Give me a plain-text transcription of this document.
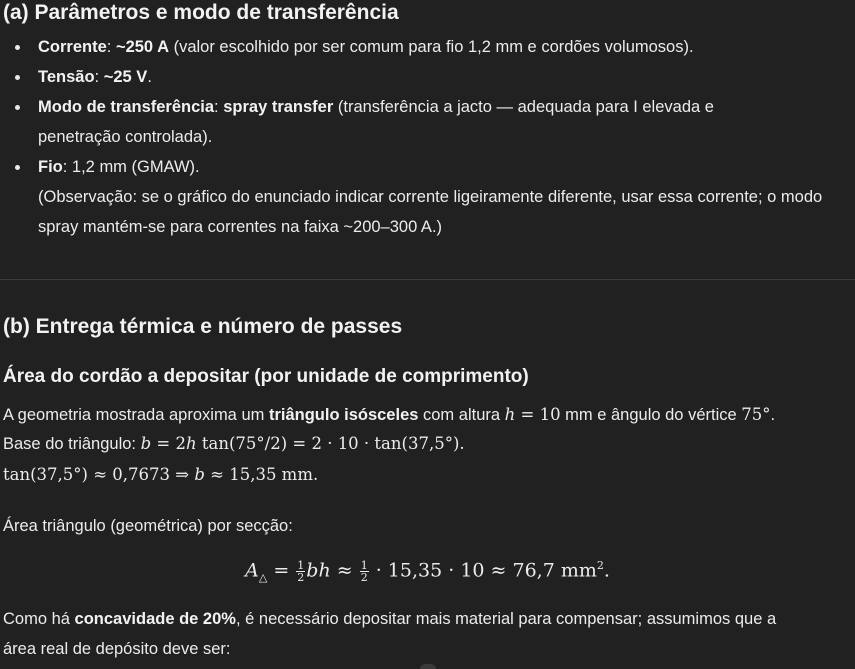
(a) Parâmetros e modo de transferência
Corrente: ~250 A (valor escolhido por ser comum para fio 1,2 mm e cordões volumosos).
Tensão: ~25 V.
Modo de transferência: spray transfer (transferência a jacto — adequada para I elevada e penetração controlada).
Fio: 1,2 mm (GMAW).
(Observação: se o gráfico do enunciado indicar corrente ligeiramente diferente, usar essa corrente; o modo spray mantém-se para correntes na faixa ~200–300 A.)
(b) Entrega térmica e número de passes
Área do cordão a depositar (por unidade de comprimento)

A geometria mostrada aproxima um triângulo isósceles com altura h = 10 mm e ângulo do vértice 75°.

Base do triângulo: b = 2h tan(75°/2) = 2 · 10 · tan(37,5°).

tan(37,5°) ≈ 0,7673 ⇒ b ≈ 15,35 mm.

Área triângulo (geométrica) por secção:

$A_\triangle = \frac{1}{2}$ bh ≈ $\frac{1}{2} \cdot 15,35 \cdot 10 \approx 76,7$ $mm^2$.

Como há concavidade de 20%, é necessário depositar mais material para compensar; assumimos que a

área real de depósito deve ser:
